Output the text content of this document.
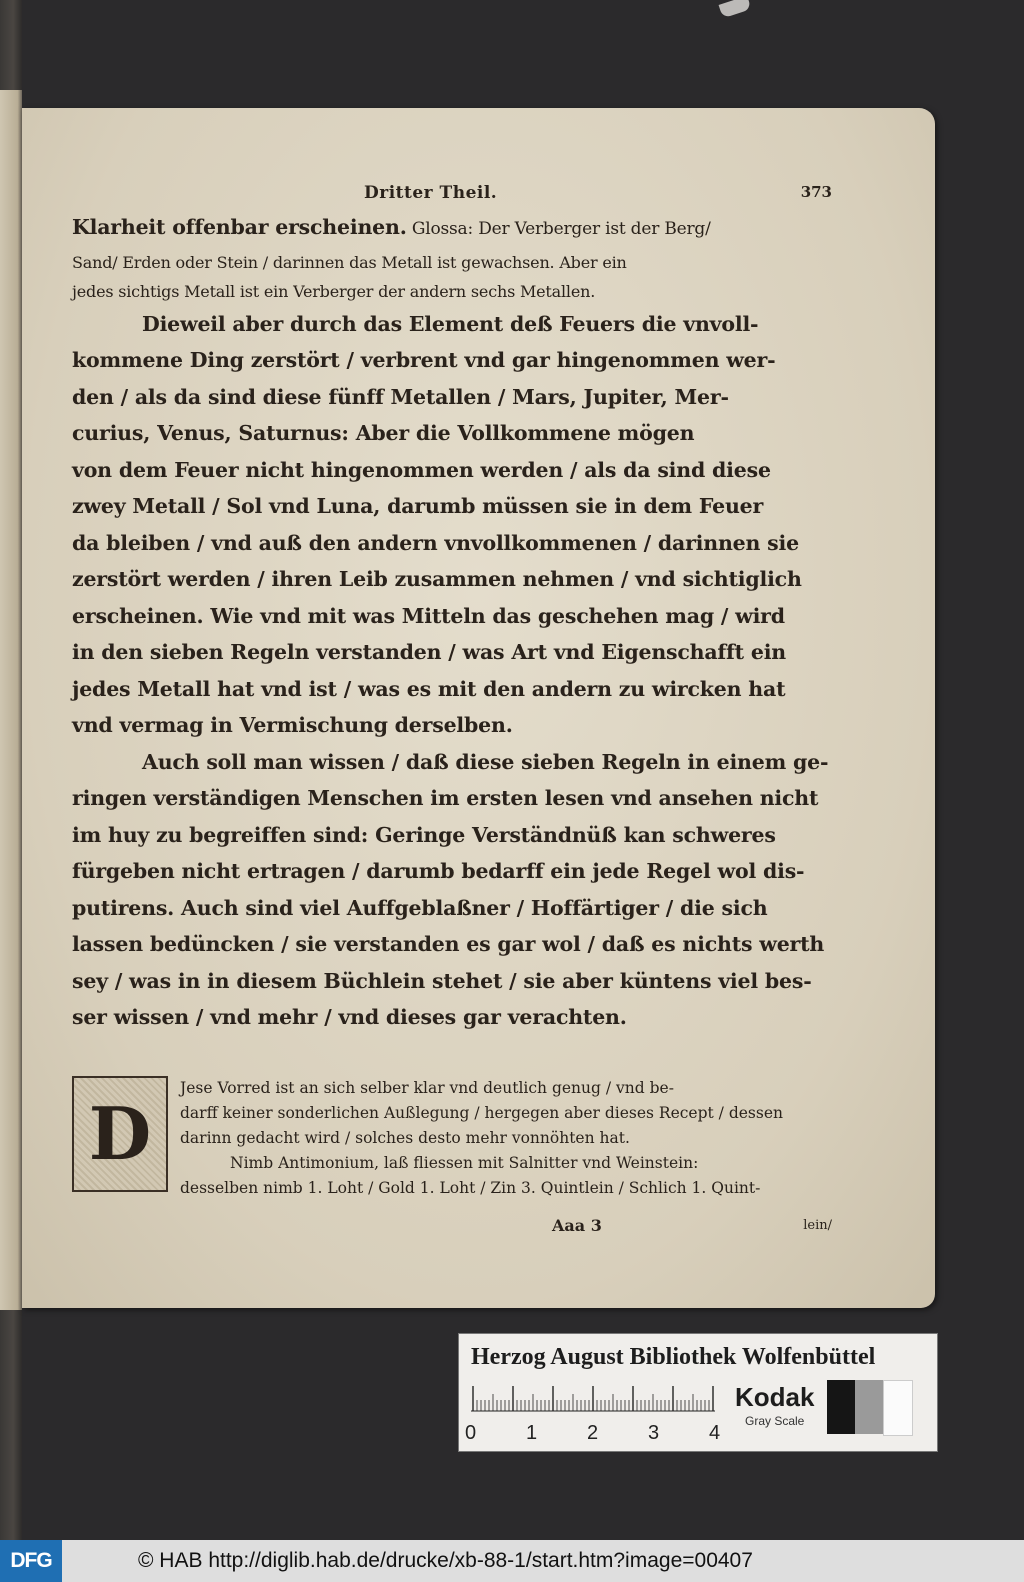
Dritter Theil.	373
Klarheit offenbar erscheinen. Glossa: Der Verberger ist der Berg/
Sand/ Erden oder Stein / darinnen das Metall ist gewachsen. Aber ein
jedes sichtigs Metall ist ein Verberger der andern sechs Metallen.
Dieweil aber durch das Element deß Feuers die vnvoll-
kommene Ding zerstört / verbrent vnd gar hingenommen wer-
den / als da sind diese fünff Metallen / Mars, Jupiter, Mer-
curius, Venus, Saturnus: Aber die Vollkommene mögen
von dem Feuer nicht hingenommen werden / als da sind diese
zwey Metall / Sol vnd Luna, darumb müssen sie in dem Feuer
da bleiben / vnd auß den andern vnvollkommenen / darinnen sie
zerstört werden / ihren Leib zusammen nehmen / vnd sichtiglich
erscheinen. Wie vnd mit was Mitteln das geschehen mag / wird
in den sieben Regeln verstanden / was Art vnd Eigenschafft ein
jedes Metall hat vnd ist / was es mit den andern zu wircken hat
vnd vermag in Vermischung derselben.
Auch soll man wissen / daß diese sieben Regeln in einem ge-
ringen verständigen Menschen im ersten lesen vnd ansehen nicht
im huy zu begreiffen sind: Geringe Verständnüß kan schweres
fürgeben nicht ertragen / darumb bedarff ein jede Regel wol dis-
putirens. Auch sind viel Auffgeblaßner / Hoffärtiger / die sich
lassen bedüncken / sie verstanden es gar wol / daß es nichts werth
sey / was in in diesem Büchlein stehet / sie aber küntens viel bes-
ser wissen / vnd mehr / vnd dieses gar verachten.
D
Jese Vorred ist an sich selber klar vnd deutlich genug / vnd be-
darff keiner sonderlichen Außlegung / hergegen aber dieses Recept / dessen
darinn gedacht wird / solches desto mehr vonnöhten hat.
Nimb Antimonium, laß fliessen mit Salnitter vnd Weinstein:
desselben nimb 1. Loht / Gold 1. Loht / Zin 3. Quintlein / Schlich 1. Quint-
Aaa 3	lein/
Herzog August Bibliothek Wolfenbüttel
0 1 2 3 4
Kodak
Gray Scale
DFG	© HAB http://diglib.hab.de/drucke/xb-88-1/start.htm?image=00407
